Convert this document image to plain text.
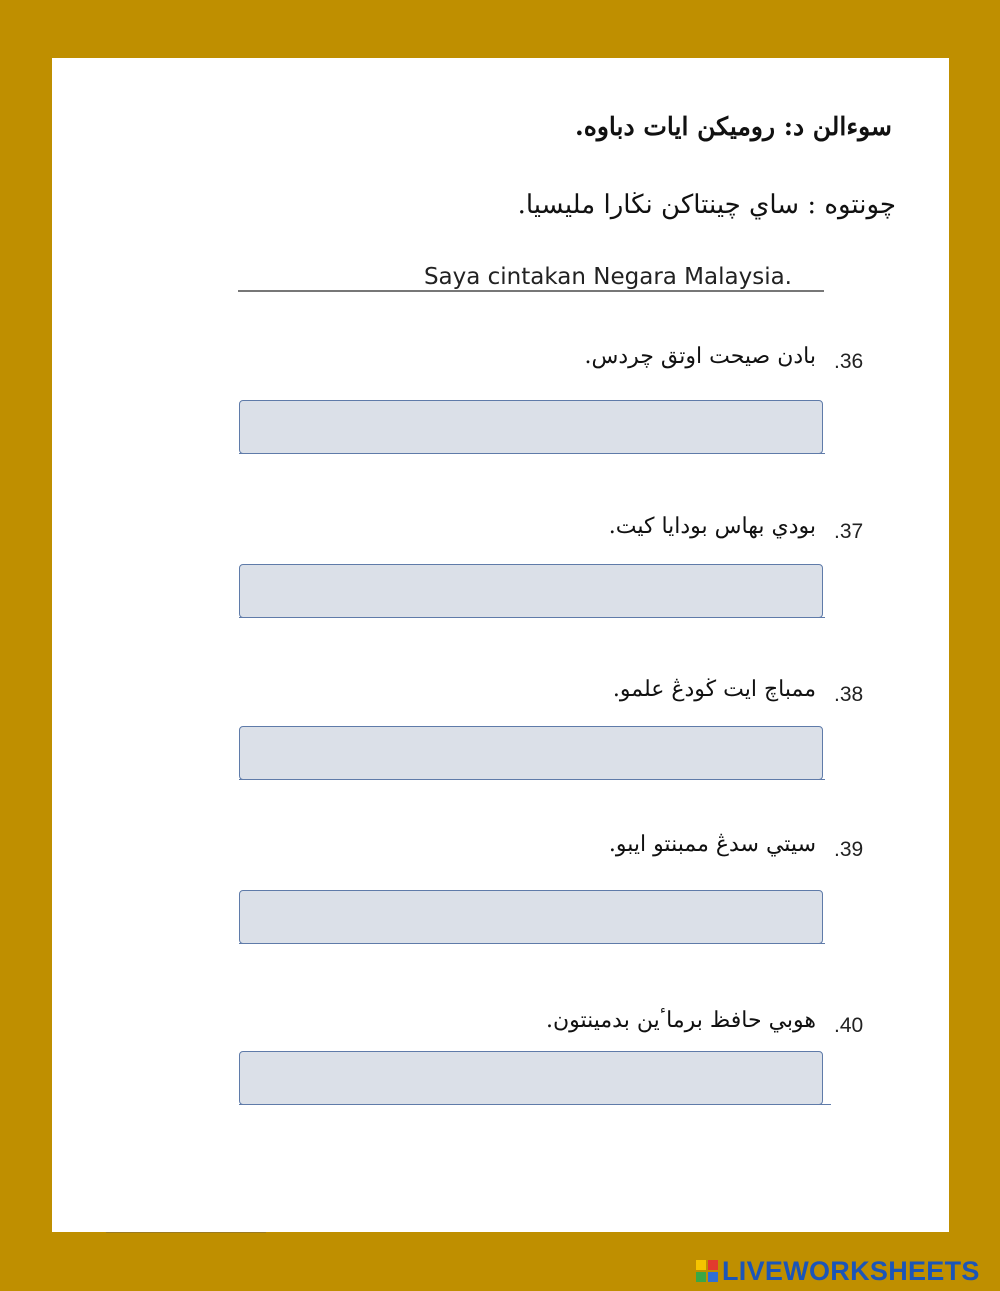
سوءالن د: روميكن ايات دباوه.
چونتوه : ساي چينتاكن نڬارا مليسيا.
Saya cintakan Negara Malaysia.
.36
بادن صيحت اوتق چردس.
.37
بودي بهاس بودايا كيت.
.38
ممباچ ايت ڬودڠ علمو.
.39
سيتي سدڠ ممبنتو ايبو.
.40
هوبي حافظ برماٴين بدمينتون.
LIVEWORKSHEETS
